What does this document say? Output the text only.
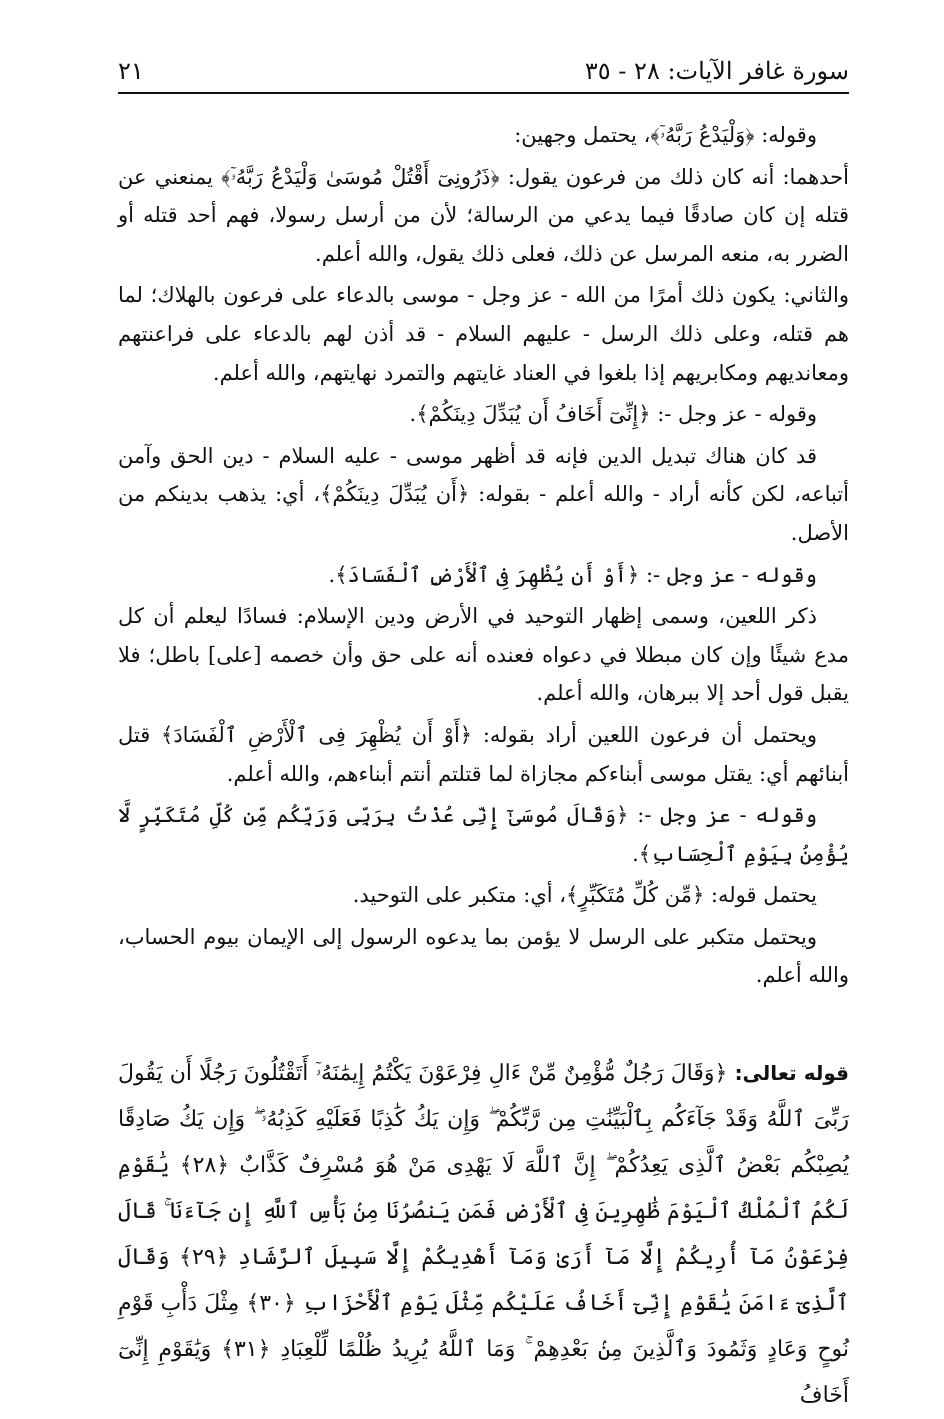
سورة غافر الآيات: ٢٨ - ٣٥
٢١

وقوله: ﴿وَلْيَدْعُ رَبَّهُۥٓ﴾، يحتمل وجهين:

أحدهما: أنه كان ذلك من فرعون يقول: ﴿ذَرُونِىٓ أَقْتُلْ مُوسَىٰ وَلْيَدْعُ رَبَّهُۥٓ﴾ يمنعني عن قتله إن كان صادقًا فيما يدعي من الرسالة؛ لأن من أرسل رسولا، فهم أحد قتله أو الضرر به، منعه المرسل عن ذلك، فعلى ذلك يقول، والله أعلم.

والثاني: يكون ذلك أمرًا من الله - عز وجل - موسى بالدعاء على فرعون بالهلاك؛ لما هم قتله، وعلى ذلك الرسل - عليهم السلام - قد أذن لهم بالدعاء على فراعنتهم ومعانديهم ومكابريهم إذا بلغوا في العناد غايتهم والتمرد نهايتهم، والله أعلم.

وقوله - عز وجل -: ﴿إِنِّىٓ أَخَافُ أَن يُبَدِّلَ دِينَكُمْ﴾.

قد كان هناك تبديل الدين فإنه قد أظهر موسى - عليه السلام - دين الحق وآمن أتباعه، لكن كأنه أراد - والله أعلم - بقوله: ﴿أَن يُبَدِّلَ دِينَكُمْ﴾، أي: يذهب بدينكم من الأصل.

وقوله - عز وجل -: ﴿أَوْ أَن يُظْهِرَ فِى ٱلْأَرْضِ ٱلْفَسَادَ﴾.

ذكر اللعين، وسمى إظهار التوحيد في الأرض ودين الإسلام: فسادًا ليعلم أن كل مدع شيئًا وإن كان مبطلا في دعواه فعنده أنه على حق وأن خصمه [على] باطل؛ فلا يقبل قول أحد إلا ببرهان، والله أعلم.

ويحتمل أن فرعون اللعين أراد بقوله: ﴿أَوْ أَن يُظْهِرَ فِى ٱلْأَرْضِ ٱلْفَسَادَ﴾ قتل أبنائهم أي: يقتل موسى أبناءكم مجازاة لما قتلتم أنتم أبناءهم، والله أعلم.

وقوله - عز وجل -: ﴿وَقَالَ مُوسَىٰٓ إِنِّى عُذْتُ بِرَبِّى وَرَبِّكُم مِّن كُلِّ مُتَكَبِّرٍ لَّا يُؤْمِنُ بِيَوْمِ ٱلْحِسَابِ﴾.

يحتمل قوله: ﴿مِّن كُلِّ مُتَكَبِّرٍ﴾، أي: متكبر على التوحيد.

ويحتمل متكبر على الرسل لا يؤمن بما يدعوه الرسول إلى الإيمان بيوم الحساب، والله أعلم.

قوله تعالى: ﴿وَقَالَ رَجُلٌ مُّؤْمِنٌ مِّنْ ءَالِ فِرْعَوْنَ يَكْتُمُ إِيمَٰنَهُۥٓ أَتَقْتُلُونَ رَجُلًا أَن يَقُولَ رَبِّىَ ٱللَّهُ وَقَدْ جَآءَكُم بِٱلْبَيِّنَٰتِ مِن رَّبِّكُمْ ۖ وَإِن يَكُ كَٰذِبًا فَعَلَيْهِ كَذِبُهُۥ ۖ وَإِن يَكُ صَادِقًا يُصِبْكُم بَعْضُ ٱلَّذِى يَعِدُكُمْ ۖ إِنَّ ٱللَّهَ لَا يَهْدِى مَنْ هُوَ مُسْرِفٌ كَذَّابٌ ﴿٢٨﴾ يَٰقَوْمِ لَكُمُ ٱلْمُلْكُ ٱلْيَوْمَ ظَٰهِرِينَ فِى ٱلْأَرْضِ فَمَن يَنصُرُنَا مِنۢ بَأْسِ ٱللَّهِ إِن جَآءَنَا ۚ قَالَ فِرْعَوْنُ مَآ أُرِيكُمْ إِلَّا مَآ أَرَىٰ وَمَآ أَهْدِيكُمْ إِلَّا سَبِيلَ ٱلرَّشَادِ ﴿٢٩﴾ وَقَالَ ٱلَّذِىٓ ءَامَنَ يَٰقَوْمِ إِنِّىٓ أَخَافُ عَلَيْكُم مِّثْلَ يَوْمِ ٱلْأَحْزَابِ ﴿٣٠﴾ مِثْلَ دَأْبِ قَوْمِ نُوحٍ وَعَادٍ وَثَمُودَ وَٱلَّذِينَ مِنۢ بَعْدِهِمْ ۚ وَمَا ٱللَّهُ يُرِيدُ ظُلْمًا لِّلْعِبَادِ ﴿٣١﴾ وَيَٰقَوْمِ إِنِّىٓ أَخَافُ
